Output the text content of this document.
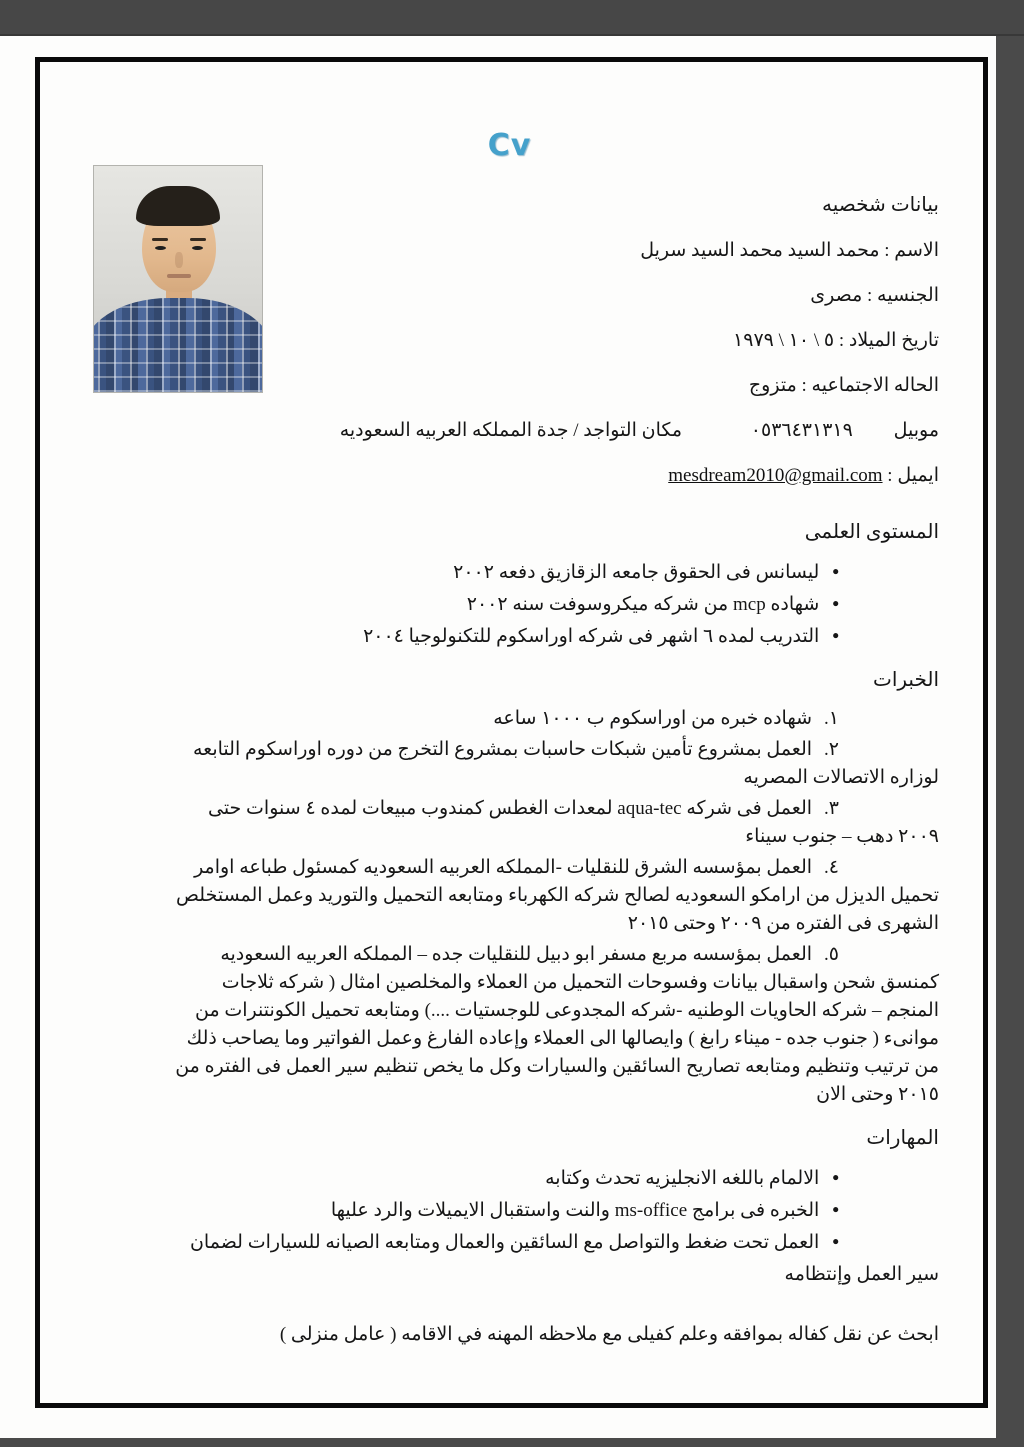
Cv
بيانات شخصيه
الاسم : محمد السيد محمد السيد سريل
الجنسيه : مصرى
تاريخ الميلاد : ٥ \ ١٠ \ ١٩٧٩
الحاله الاجتماعيه : متزوج
موبيل ٠٥٣٦٤٣١٣١٩ مكان التواجد / جدة المملكه العربيه السعوديه
ايميل : mesdream2010@gmail.com
المستوى العلمى
• ليسانس فى الحقوق جامعه الزقازيق دفعه ٢٠٠٢
• شهاده mcp من شركه ميكروسوفت سنه ٢٠٠٢
• التدريب لمده ٦ اشهر فى شركه اوراسكوم للتكنولوجيا ٢٠٠٤
الخبرات
شهاده خبره من اوراسكوم ب ١٠٠٠ ساعه
العمل بمشروع تأمين شبكات حاسبات بمشروع التخرج من دوره اوراسكوم التابعه لوزاره الاتصالات المصريه
العمل فى شركه aqua-tec لمعدات الغطس كمندوب مبيعات لمده ٤ سنوات حتى ٢٠٠٩ دهب – جنوب سيناء
العمل بمؤسسه الشرق للنقليات -المملكه العربيه السعوديه كمسئول طباعه اوامر تحميل الديزل من ارامكو السعوديه لصالح شركه الكهرباء ومتابعه التحميل والتوريد وعمل المستخلص الشهرى فى الفتره من ٢٠٠٩ وحتى ٢٠١٥
العمل بمؤسسه مربع مسفر ابو دبيل للنقليات جده – المملكه العربيه السعوديه كمنسق شحن واسقبال بيانات وفسوحات التحميل من العملاء والمخلصين امثال ( شركه ثلاجات المنجم – شركه الحاويات الوطنيه -شركه المجدوعى للوجستيات ....) ومتابعه تحميل الكونتنرات من موانىء ( جنوب جده - ميناء رابغ ) وايصالها الى العملاء وإعاده الفارغ وعمل الفواتير وما يصاحب ذلك من ترتيب وتنظيم ومتابعه تصاريح السائقين والسيارات وكل ما يخص تنظيم سير العمل فى الفتره من ٢٠١٥ وحتى الان
المهارات
• الالمام باللغه الانجليزيه تحدث وكتابه
• الخبره فى برامج ms-office والنت واستقبال الايميلات والرد عليها
• العمل تحت ضغط والتواصل مع السائقين والعمال ومتابعه الصيانه للسيارات لضمان سير العمل وإنتظامه
ابحث عن نقل كفاله بموافقه وعلم كفيلى مع ملاحظه المهنه في الاقامه ( عامل منزلى )
